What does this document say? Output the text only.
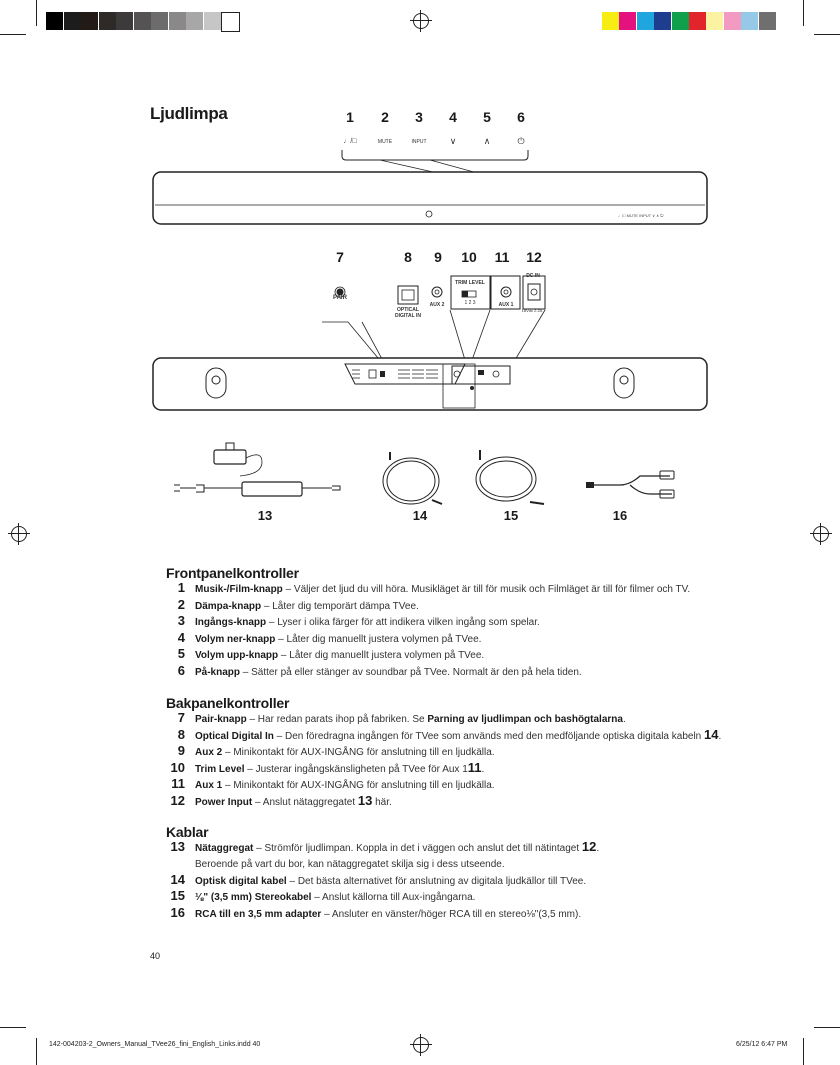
Ljudlimpa	1	2	3	4	5	6
♩/□	MUTE	INPUT	∨	∧	⏻
♩/□ MUTE INPUT ∨ ∧ ⏻
7	8	9	10	11	12
PAIR
OPTICAL DIGITAL IN
AUX 2
TRIM LEVEL
1 2 3	AUX 1
DC IN
18Vdc 2.2A
13	14	15	16
Frontpanelkontroller
1 Musik-/Film-knapp – Väljer det ljud du vill höra. Musikläget är till för musik och Filmläget är till för filmer och TV.
2 Dämpa-knapp – Låter dig temporärt dämpa TVee.
3 Ingångs-knapp – Lyser i olika färger för att indikera vilken ingång som spelar.
4 Volym ner-knapp – Låter dig manuellt justera volymen på TVee.
5 Volym upp-knapp – Låter dig manuellt justera volymen på TVee.
6 På-knapp – Sätter på eller stänger av soundbar på TVee. Normalt är den på hela tiden.
Bakpanelkontroller
7 Pair-knapp – Har redan parats ihop på fabriken. Se Parning av ljudlimpan och bashögtalarna.
8 Optical Digital In – Den föredragna ingången för TVee som används med den medföljande optiska digitala kabeln 14.
9 Aux 2 – Minikontakt för AUX-INGÅNG för anslutning till en ljudkälla.
10 Trim Level – Justerar ingångskänsligheten på TVee för Aux 111.
11 Aux 1 – Minikontakt för AUX-INGÅNG för anslutning till en ljudkälla.
12 Power Input – Anslut nätaggregatet 13 här.
Kablar
13 Nätaggregat – Strömför ljudlimpan. Koppla in det i väggen och anslut det till nätintaget 12.
Beroende på vart du bor, kan nätaggregatet skilja sig i dess utseende.
14 Optisk digital kabel – Det bästa alternativet för anslutning av digitala ljudkällor till TVee.
15 ⅛" (3,5 mm) Stereokabel – Anslut källorna till Aux-ingångarna.
16 RCA till en 3,5 mm adapter – Ansluter en vänster/höger RCA till en stereo⅛"(3,5 mm).
40
142-004203-2_Owners_Manual_TVee26_fini_English_Links.indd 40	6/25/12 6:47 PM
